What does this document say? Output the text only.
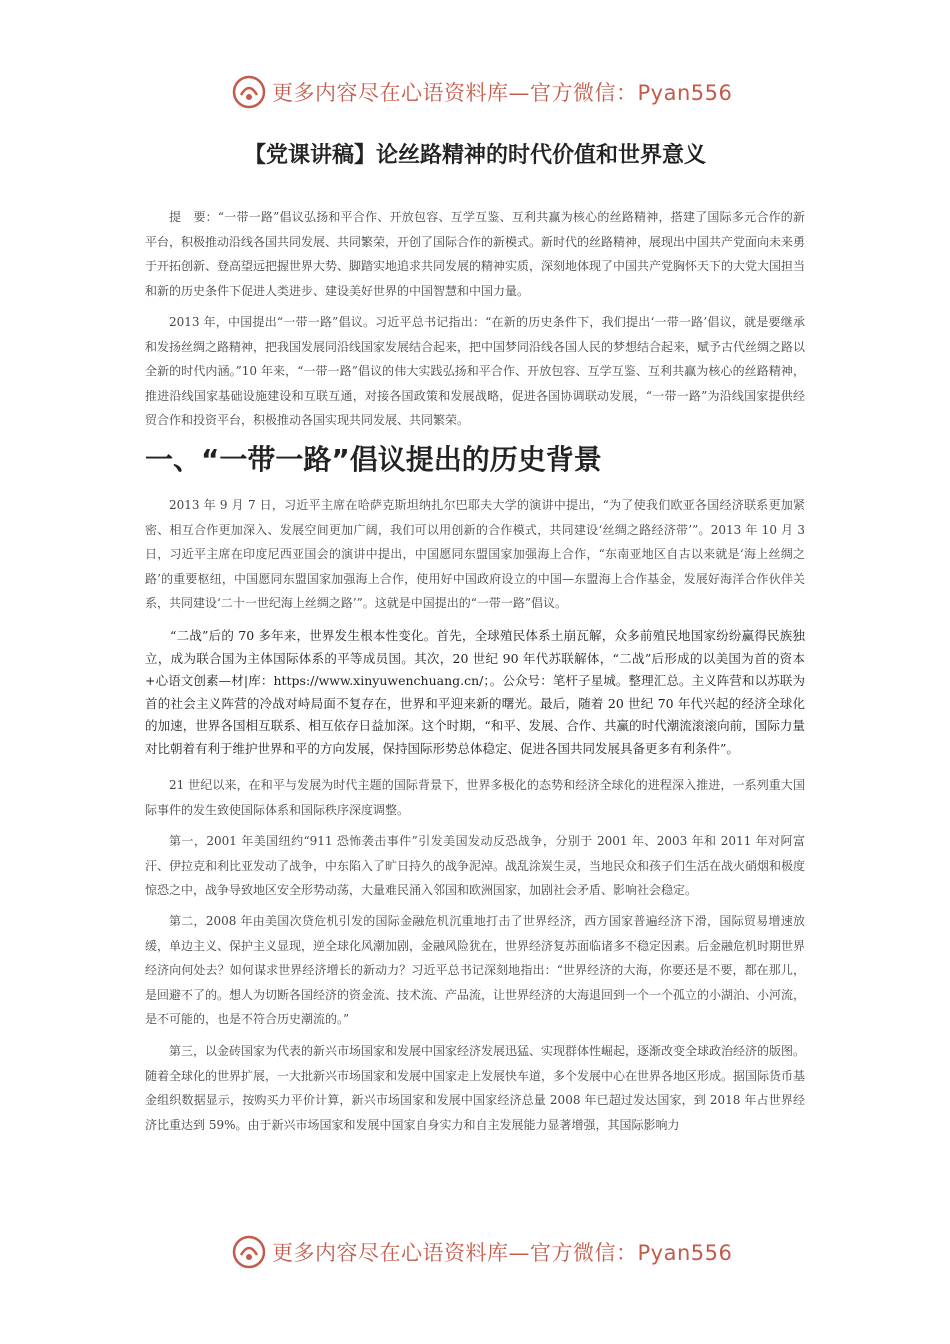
更多内容尽在心语资料库—官方微信：Pyan556
【党课讲稿】论丝路精神的时代价值和世界意义

提　要：“一带一路”倡议弘扬和平合作、开放包容、互学互鉴、互利共赢为核心的丝路精神，搭建了国际多元合作的新平台，积极推动沿线各国共同发展、共同繁荣，开创了国际合作的新模式。新时代的丝路精神，展现出中国共产党面向未来勇于开拓创新、登高望远把握世界大势、脚踏实地追求共同发展的精神实质，深刻地体现了中国共产党胸怀天下的大党大国担当和新的历史条件下促进人类进步、建设美好世界的中国智慧和中国力量。

2013 年，中国提出“一带一路”倡议。习近平总书记指出：“在新的历史条件下，我们提出‘一带一路’倡议，就是要继承和发扬丝绸之路精神，把我国发展同沿线国家发展结合起来，把中国梦同沿线各国人民的梦想结合起来，赋予古代丝绸之路以全新的时代内涵。”10 年来，“一带一路”倡议的伟大实践弘扬和平合作、开放包容、互学互鉴、互利共赢为核心的丝路精神，推进沿线国家基础设施建设和互联互通，对接各国政策和发展战略，促进各国协调联动发展，“一带一路”为沿线国家提供经贸合作和投资平台，积极推动各国实现共同发展、共同繁荣。

一、“一带一路”倡议提出的历史背景

2013 年 9 月 7 日，习近平主席在哈萨克斯坦纳扎尔巴耶夫大学的演讲中提出，“为了使我们欧亚各国经济联系更加紧密、相互合作更加深入、发展空间更加广阔，我们可以用创新的合作模式，共同建设‘丝绸之路经济带’”。2013 年 10 月 3 日，习近平主席在印度尼西亚国会的演讲中提出，中国愿同东盟国家加强海上合作，“东南亚地区自古以来就是‘海上丝绸之路’的重要枢纽，中国愿同东盟国家加强海上合作，使用好中国政府设立的中国—东盟海上合作基金，发展好海洋合作伙伴关系，共同建设‘二十一世纪海上丝绸之路’”。这就是中国提出的“一带一路”倡议。

“二战”后的 70 多年来，世界发生根本性变化。首先，全球殖民体系土崩瓦解，众多前殖民地国家纷纷赢得民族独立，成为联合国为主体国际体系的平等成员国。其次，20 世纪 90 年代苏联解体，“二战”后形成的以美国为首的资本+心语文创素—材|库：https://www.xinyuwenchuang.cn/；。公众号：笔杆子星城。整理汇总。主义阵营和以苏联为首的社会主义阵营的冷战对峙局面不复存在，世界和平迎来新的曙光。最后，随着 20 世纪 70 年代兴起的经济全球化的加速，世界各国相互联系、相互依存日益加深。这个时期，“和平、发展、合作、共赢的时代潮流滚滚向前，国际力量对比朝着有利于维护世界和平的方向发展，保持国际形势总体稳定、促进各国共同发展具备更多有利条件”。

21 世纪以来，在和平与发展为时代主题的国际背景下，世界多极化的态势和经济全球化的进程深入推进，一系列重大国际事件的发生致使国际体系和国际秩序深度调整。

第一，2001 年美国纽约“911 恐怖袭击事件”引发美国发动反恐战争，分别于 2001 年、2003 年和 2011 年对阿富汗、伊拉克和利比亚发动了战争，中东陷入了旷日持久的战争泥淖。战乱涂炭生灵，当地民众和孩子们生活在战火硝烟和极度惊恐之中，战争导致地区安全形势动荡，大量难民涌入邻国和欧洲国家，加剧社会矛盾、影响社会稳定。

第二，2008 年由美国次贷危机引发的国际金融危机沉重地打击了世界经济，西方国家普遍经济下滑，国际贸易增速放缓，单边主义、保护主义显现，逆全球化风潮加剧，金融风险犹在，世界经济复苏面临诸多不稳定因素。后金融危机时期世界经济向何处去？如何谋求世界经济增长的新动力？习近平总书记深刻地指出：“世界经济的大海，你要还是不要，都在那儿，是回避不了的。想人为切断各国经济的资金流、技术流、产品流，让世界经济的大海退回到一个一个孤立的小湖泊、小河流，是不可能的，也是不符合历史潮流的。”

第三，以金砖国家为代表的新兴市场国家和发展中国家经济发展迅猛、实现群体性崛起，逐渐改变全球政治经济的版图。随着全球化的世界扩展，一大批新兴市场国家和发展中国家走上发展快车道，多个发展中心在世界各地区形成。据国际货币基金组织数据显示，按购买力平价计算，新兴市场国家和发展中国家经济总量 2008 年已超过发达国家，到 2018 年占世界经济比重达到 59%。由于新兴市场国家和发展中国家自身实力和自主发展能力显著增强，其国际影响力

更多内容尽在心语资料库—官方微信：Pyan556
